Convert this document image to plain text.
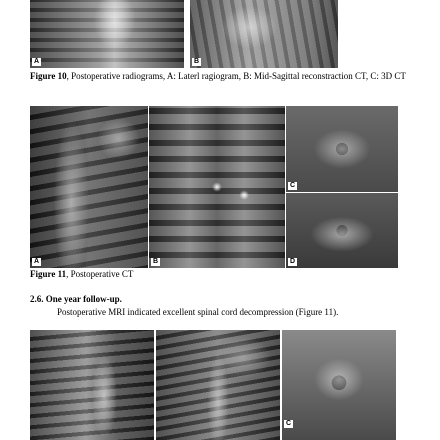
A	B
Figure 10, Postoperative radiograms, A: Laterl ragiogram, B: Mid-Sagittal reconstraction CT, C: 3D CT
A	B
C
D
Figure 11, Postoperative CT
2.6. One year follow-up.
Postoperative MRI indicated excellent spinal cord decompression (Figure 11).
C
